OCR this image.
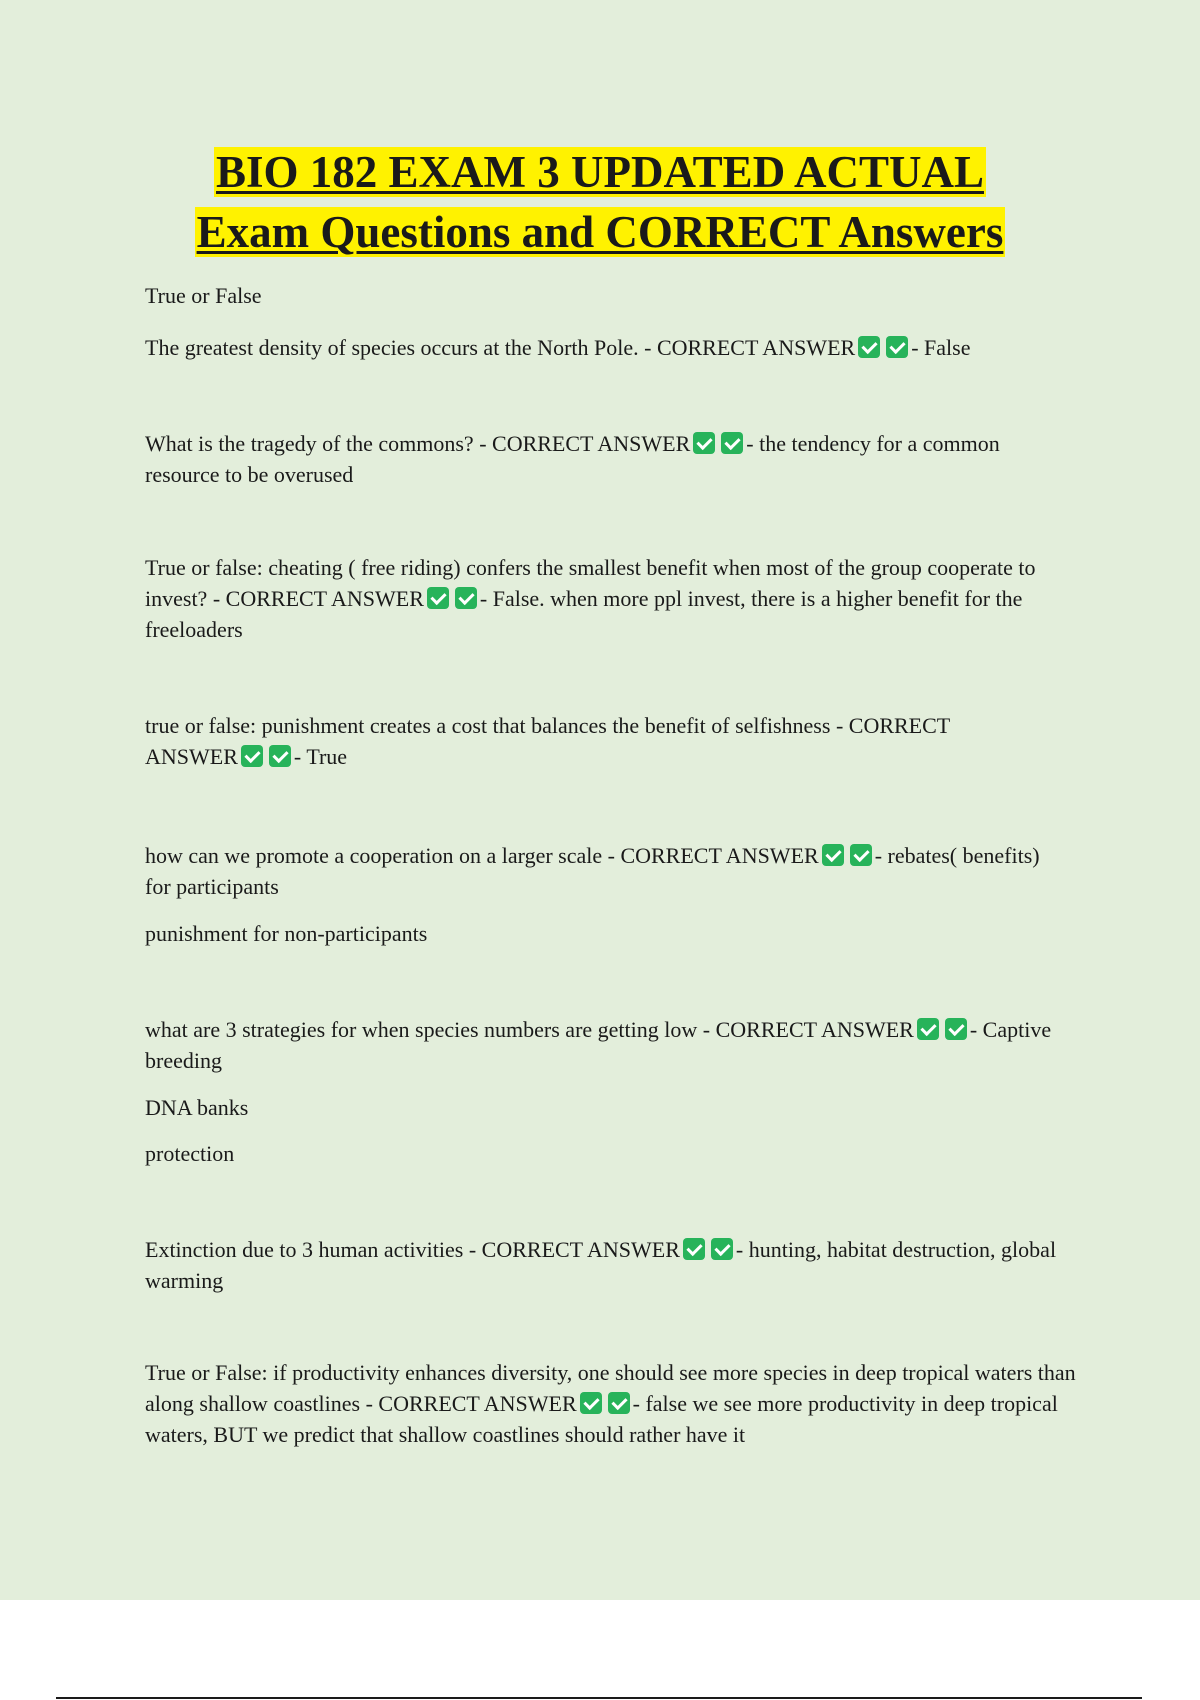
BIO 182 EXAM 3 UPDATED ACTUAL
Exam Questions and CORRECT Answers

True or False

The greatest density of species occurs at the North Pole. - CORRECT ANSWER	- False

What is the tragedy of the commons? - CORRECT ANSWER	- the tendency for a common resource to be overused

True or false: cheating ( free riding) confers the smallest benefit when most of the group cooperate to invest? - CORRECT ANSWER	- False. when more ppl invest, there is a higher benefit for the freeloaders

true or false: punishment creates a cost that balances the benefit of selfishness - CORRECT ANSWER	- True

how can we promote a cooperation on a larger scale - CORRECT ANSWER	- rebates( benefits) for participants

punishment for non-participants

what are 3 strategies for when species numbers are getting low - CORRECT ANSWER	- Captive breeding

DNA banks

protection

Extinction due to 3 human activities - CORRECT ANSWER	- hunting, habitat destruction, global warming

True or False: if productivity enhances diversity, one should see more species in deep tropical waters than along shallow coastlines - CORRECT ANSWER	- false we see more productivity in deep tropical waters, BUT we predict that shallow coastlines should rather have it
